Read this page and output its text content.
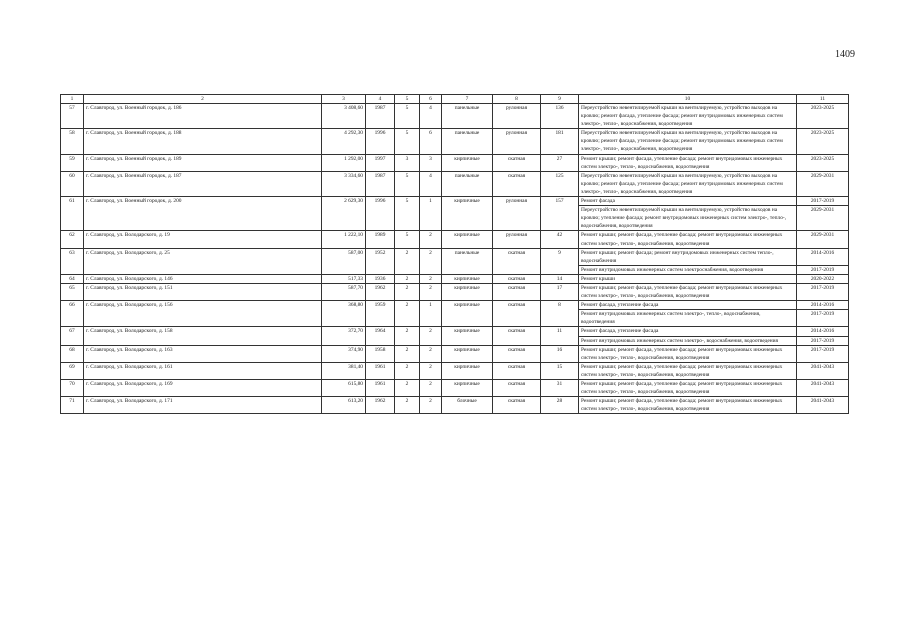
1409
1	2	3	4	5	6	7	8	9	10	11
57	г. Славгород, ул. Военный городок, д. 186	3 408,60	1987	5	4	панельные	рулонная	136	Переустройство невентилируемой крыши на вентилируемую, устройство выходов на кровлю; ремонт фасада, утепление фасада; ремонт внутридомовых инженерных систем электро-, тепло-, водоснабжения, водоотведения	2023-2025
58	г. Славгород, ул. Военный городок, д. 188	4 292,30	1996	5	6	панельные	рулонная	181	Переустройство невентилируемой крыши на вентилируемую, устройство выходов на кровлю; ремонт фасада, утепление фасада; ремонт внутридомовых инженерных систем электро-, тепло-, водоснабжения, водоотведения	2023-2025
59	г. Славгород, ул. Военный городок, д. 189	1 292,00	1997	3	3	кирпичные	скатная	27	Ремонт крыши; ремонт фасада, утепление фасада; ремонт внутридомовых инженерных систем электро-, тепло-, водоснабжения, водоотведения	2023-2025
60	г. Славгород, ул. Военный городок, д. 187	3 334,60	1987	5	4	панельные	скатная	125	Переустройство невентилируемой крыши на вентилируемую, устройство выходов на кровлю; ремонт фасада, утепление фасада; ремонт внутридомовых инженерных систем электро-, тепло-, водоснабжения, водоотведения	2029-2031
61	г. Славгород, ул. Военный городок, д. 200	2 629,30	1996	5	1	кирпичные	рулонная	157	Ремонт фасада	2017-2019
									Переустройство невентилируемой крыши на вентилируемую, устройство выходов на кровлю; утепление фасада; ремонт внутридомовых инженерных систем электро-, тепло-, водоснабжения, водоотведения	2029-2031
62	г. Славгород, ул. Володарского, д. 19	1 222,10	1989	5	2	кирпичные	рулонная	42	Ремонт крыши; ремонт фасада, утепление фасада; ремонт внутридомовых инженерных систем электро-, тепло-, водоснабжения, водоотведения	2029-2031
63	г. Славгород, ул. Володарского, д. 25	587,00	1952	2	2	панельные	скатная	9	Ремонт крыши; ремонт фасада; ремонт внутридомовых инженерных систем тепло-, водоснабжения	2014-2016
									Ремонт внутридомовых инженерных систем электроснабжения, водоотведения	2017-2019
64	г. Славгород, ул. Володарского, д. 146	517,33	1936	2	2	кирпичные	скатная	14	Ремонт крыши	2020-2022
65	г. Славгород, ул. Володарского, д. 151	587,70	1962	2	2	кирпичные	скатная	17	Ремонт крыши; ремонт фасада, утепление фасада; ремонт внутридомовых инженерных систем электро-, тепло-, водоснабжения, водоотведения	2017-2019
66	г. Славгород, ул. Володарского, д. 156	368,80	1959	2	1	кирпичные	скатная	8	Ремонт фасада, утепление фасада	2014-2016
									Ремонт внутридомовых инженерных систем электро-, тепло-, водоснабжения, водоотведения	2017-2019
67	г. Славгород, ул. Володарского, д. 158	372,70	1964	2	2	кирпичные	скатная	11	Ремонт фасада, утепление фасада	2014-2016
									Ремонт внутридомовых инженерных систем электро-, водоснабжения, водоотведения	2017-2019
68	г. Славгород, ул. Володарского, д. 163	374,90	1958	2	2	кирпичные	скатная	16	Ремонт крыши; ремонт фасада, утепление фасада; ремонт внутридомовых инженерных систем электро-, тепло-, водоснабжения, водоотведения	2017-2019
69	г. Славгород, ул. Володарского, д. 161	381,40	1961	2	2	кирпичные	скатная	15	Ремонт крыши; ремонт фасада, утепление фасада; ремонт внутридомовых инженерных систем электро-, тепло-, водоснабжения, водоотведения	2041-2043
70	г. Славгород, ул. Володарского, д. 169	615,80	1961	2	2	кирпичные	скатная	31	Ремонт крыши; ремонт фасада, утепление фасада; ремонт внутридомовых инженерных систем электро-, тепло-, водоснабжения, водоотведения	2041-2043
71	г. Славгород, ул. Володарского, д. 171	613,20	1962	2	2	блочные	скатная	28	Ремонт крыши; ремонт фасада, утепление фасада; ремонт внутридомовых инженерных систем электро-, тепло-, водоснабжения, водоотведения	2041-2043
